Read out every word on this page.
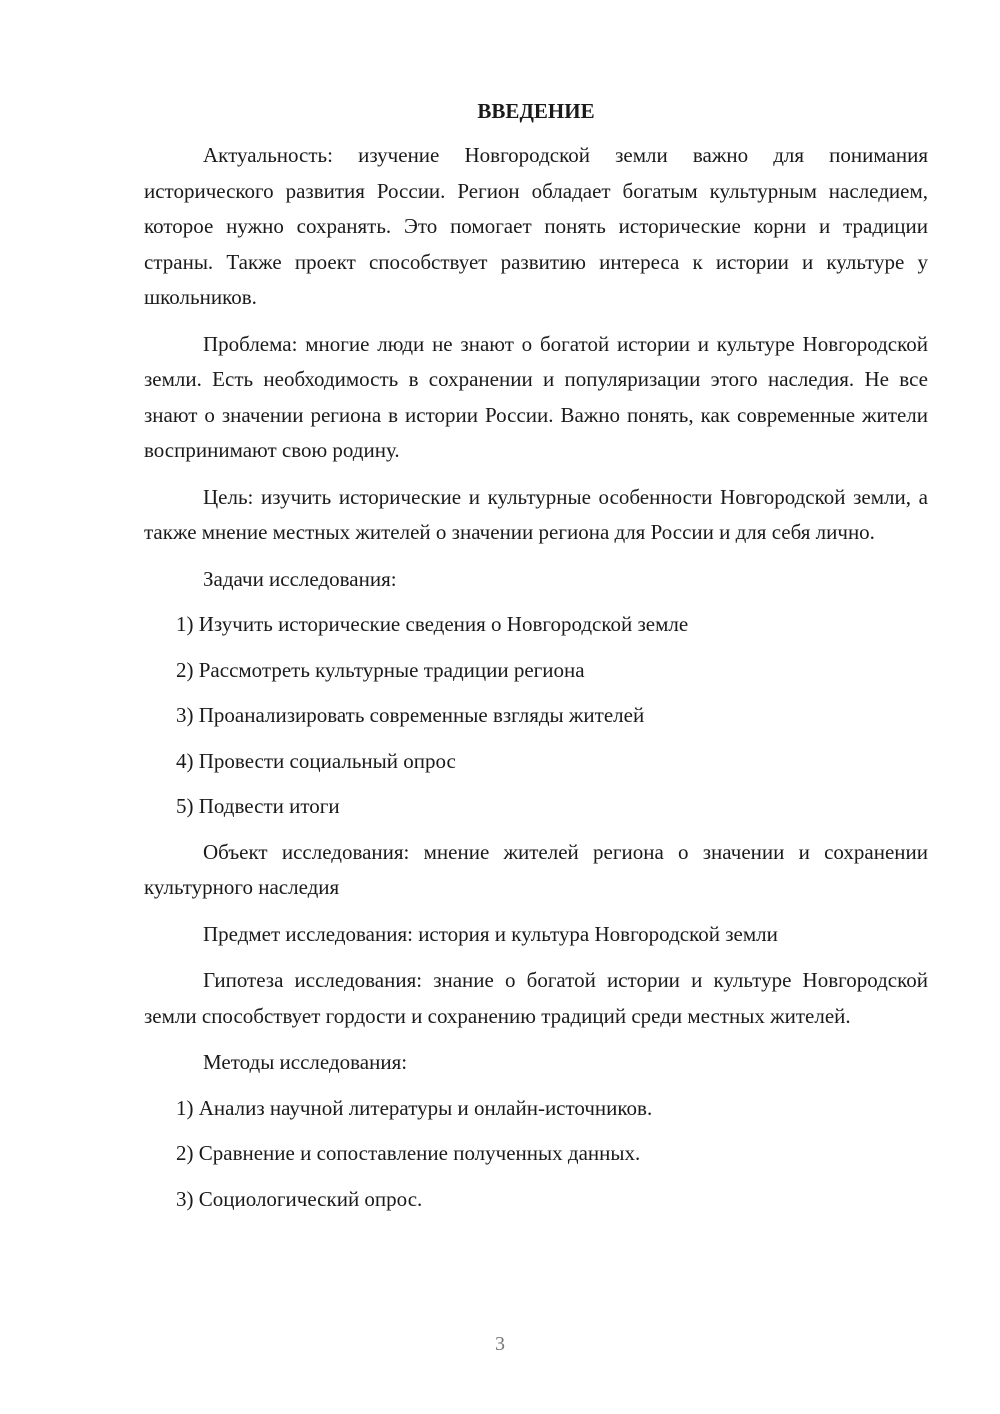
ВВЕДЕНИЕ

Актуальность: изучение Новгородской земли важно для понимания исторического развития России. Регион обладает богатым культурным наследием, которое нужно сохранять. Это помогает понять исторические корни и традиции страны. Также проект способствует развитию интереса к истории и культуре у школьников.

Проблема: многие люди не знают о богатой истории и культуре Новгородской земли. Есть необходимость в сохранении и популяризации этого наследия. Не все знают о значении региона в истории России. Важно понять, как современные жители воспринимают свою родину.

Цель: изучить исторические и культурные особенности Новгородской земли, а также мнение местных жителей о значении региона для России и для себя лично.

Задачи исследования:
1) Изучить исторические сведения о Новгородской земле
2) Рассмотреть культурные традиции региона
3) Проанализировать современные взгляды жителей
4) Провести социальный опрос
5) Подвести итоги

Объект исследования: мнение жителей региона о значении и сохранении культурного наследия

Предмет исследования: история и культура Новгородской земли

Гипотеза исследования: знание о богатой истории и культуре Новгородской земли способствует гордости и сохранению традиций среди местных жителей.

Методы исследования:
1) Анализ научной литературы и онлайн-источников.
2) Сравнение и сопоставление полученных данных.
3) Социологический опрос.
3
